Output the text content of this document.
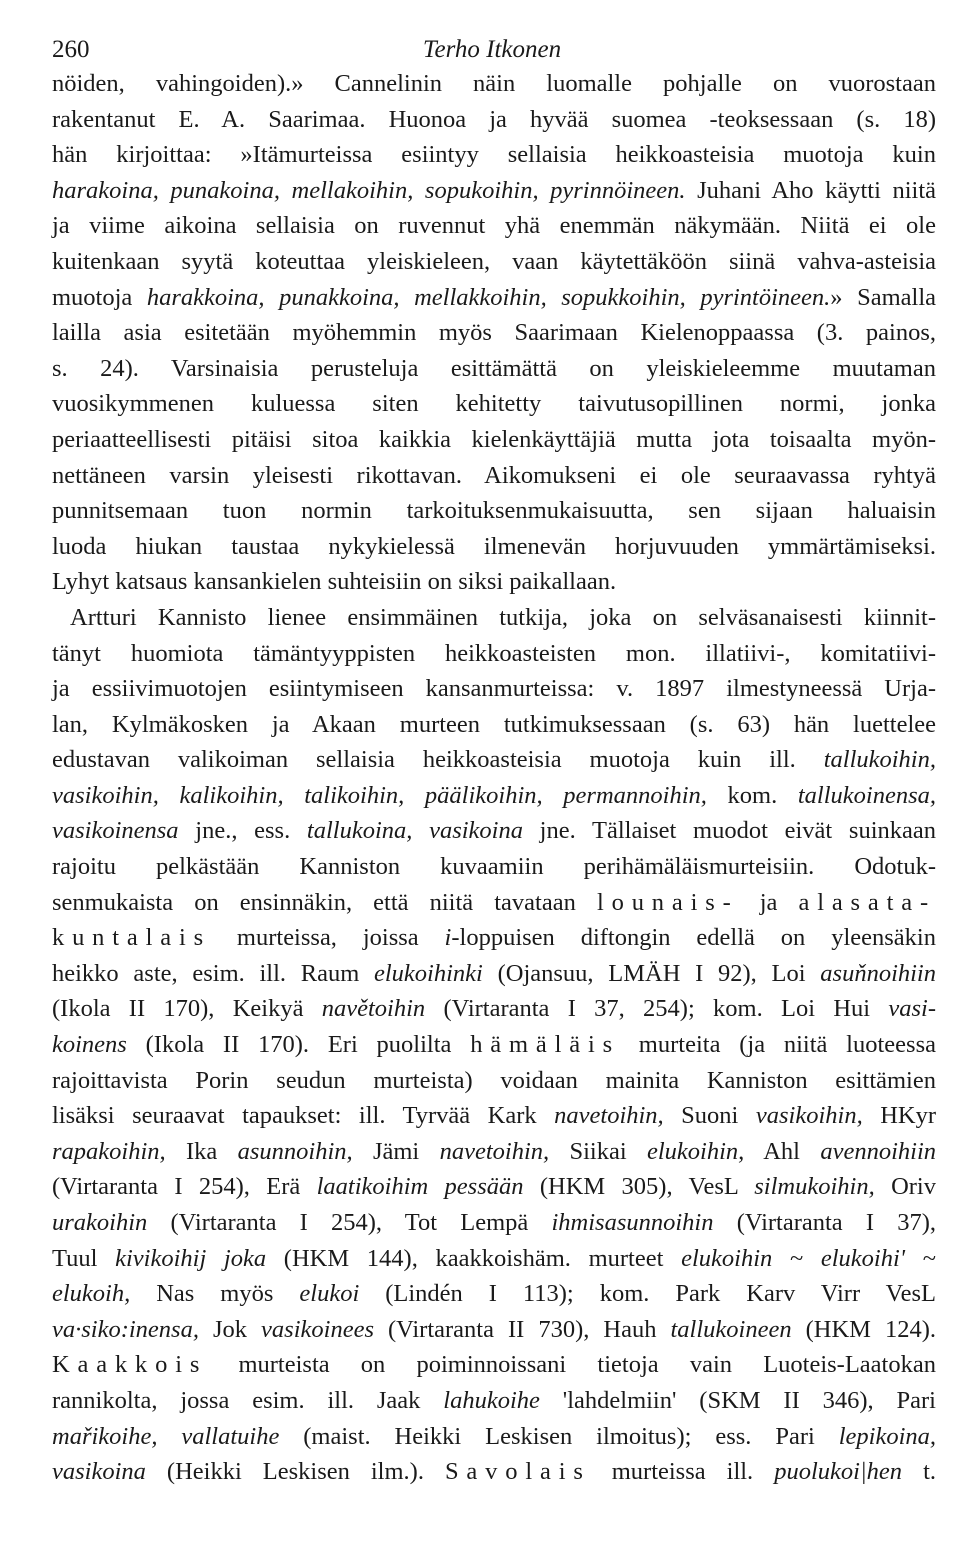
260	Terho Itkonen
nöiden, vahingoiden).» Cannelinin näin luomalle pohjalle on vuorostaan
rakentanut E. A. Saarimaa. Huonoa ja hyvää suomea -teoksessaan (s. 18)
hän kirjoittaa: »Itämurteissa esiintyy sellaisia heikkoasteisia muotoja kuin
harakoina, punakoina, mellakoihin, sopukoihin, pyrinnöineen. Juhani Aho käytti niitä
ja viime aikoina sellaisia on ruvennut yhä enemmän näkymään. Niitä ei ole
kuitenkaan syytä koteuttaa yleiskieleen, vaan käytettäköön siinä vahva-asteisia
muotoja harakkoina, punakkoina, mellakkoihin, sopukkoihin, pyrintöineen.» Samalla
lailla asia esitetään myöhemmin myös Saarimaan Kielenoppaassa (3. painos,
s. 24). Varsinaisia perusteluja esittämättä on yleiskieleemme muutaman
vuosikymmenen kuluessa siten kehitetty taivutusopillinen normi, jonka
periaatteellisesti pitäisi sitoa kaikkia kielenkäyttäjiä mutta jota toisaalta myön-
nettäneen varsin yleisesti rikottavan. Aikomukseni ei ole seuraavassa ryhtyä
punnitsemaan tuon normin tarkoituksenmukaisuutta, sen sijaan haluaisin
luoda hiukan taustaa nykykielessä ilmenevän horjuvuuden ymmärtämiseksi.
Lyhyt katsaus kansankielen suhteisiin on siksi paikallaan.
Artturi Kannisto lienee ensimmäinen tutkija, joka on selväsanaisesti kiinnit-
tänyt huomiota tämäntyyppisten heikkoasteisten mon. illatiivi-, komitatiivi-
ja essiivimuotojen esiintymiseen kansanmurteissa: v. 1897 ilmestyneessä Urja-
lan, Kylmäkosken ja Akaan murteen tutkimuksessaan (s. 63) hän luettelee
edustavan valikoiman sellaisia heikkoasteisia muotoja kuin ill. tallukoihin,
vasikoihin, kalikoihin, talikoihin, päälikoihin, permannoihin, kom. tallukoinensa,
vasikoinensa jne., ess. tallukoina, vasikoina jne. Tällaiset muodot eivät suinkaan
rajoitu pelkästään Kanniston kuvaamiin perihämäläismurteisiin. Odotuk-
senmukaista on ensinnäkin, että niitä tavataan lounais- ja alasata-
kuntalais murteissa, joissa i-loppuisen diftongin edellä on yleensäkin
heikko aste, esim. ill. Raum elukoihinki (Ojansuu, LMÄH I 92), Loi asuňnoihiin
(Ikola II 170), Keikyä navětoihin (Virtaranta I 37, 254); kom. Loi Hui vasi-
koinens (Ikola II 170). Eri puolilta hämäläis murteita (ja niitä luoteessa
rajoittavista Porin seudun murteista) voidaan mainita Kanniston esittämien
lisäksi seuraavat tapaukset: ill. Tyrvää Kark navetoihin, Suoni vasikoihin, HKyr
rapakoihin, Ika asunnoihin, Jämi navetoihin, Siikai elukoihin, Ahl avennoihiin
(Virtaranta I 254), Erä laatikoihim pessään (HKM 305), VesL silmukoihin, Oriv
urakoihin (Virtaranta I 254), Tot Lempä ihmisasunnoihin (Virtaranta I 37),
Tuul kivikoihij joka (HKM 144), kaakkoishäm. murteet elukoihin ~ elukoihi' ~
elukoih, Nas myös elukoi (Lindén I 113); kom. Park Karv Virr VesL
va·siko:inensa, Jok vasikoinees (Virtaranta II 730), Hauh tallukoineen (HKM 124).
Kaakkois murteista on poiminnoissani tietoja vain Luoteis-Laatokan
rannikolta, jossa esim. ill. Jaak lahukoihe 'lahdelmiin' (SKM II 346), Pari
mařikoihe, vallatuihe (maist. Heikki Leskisen ilmoitus); ess. Pari lepikoina,
vasikoina (Heikki Leskisen ilm.). Savolais murteissa ill. puolukoi|hen t.
